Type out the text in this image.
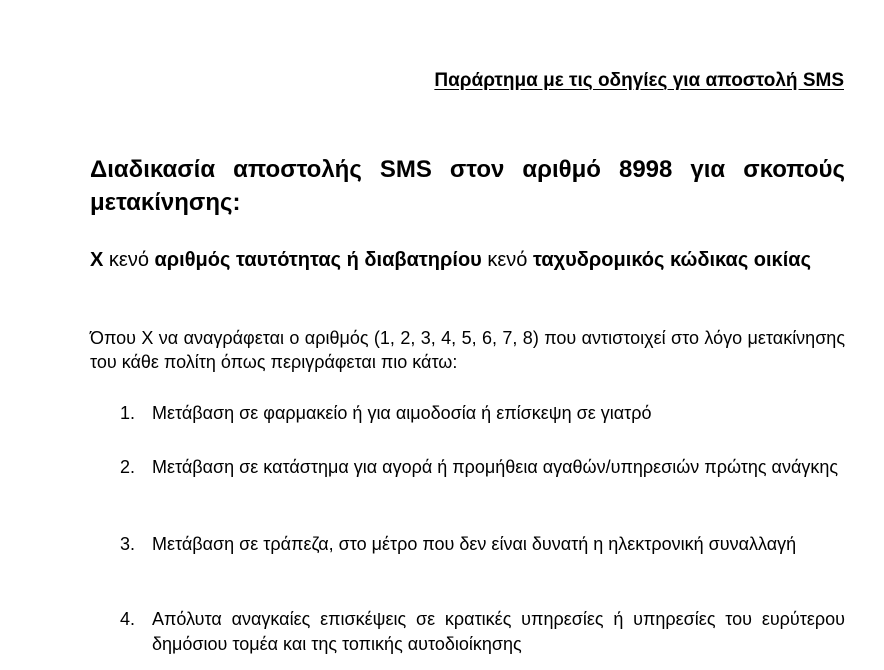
Παράρτημα με τις οδηγίες για αποστολή SMS
Διαδικασία αποστολής SMS στον αριθμό 8998 για σκοπούς μετακίνησης:
Χ κενό αριθμός ταυτότητας ή διαβατηρίου κενό ταχυδρομικός κώδικας οικίας
Όπου Χ να αναγράφεται ο αριθμός (1, 2, 3, 4, 5, 6, 7, 8) που αντιστοιχεί στο λόγο μετακίνησης του κάθε πολίτη όπως περιγράφεται πιο κάτω:
1. Μετάβαση σε φαρμακείο ή για αιμοδοσία ή επίσκεψη σε γιατρό
2. Μετάβαση σε κατάστημα για αγορά ή προμήθεια αγαθών/υπηρεσιών πρώτης ανάγκης
3. Μετάβαση σε τράπεζα, στο μέτρο που δεν είναι δυνατή η ηλεκτρονική συναλλαγή
4. Απόλυτα αναγκαίες επισκέψεις σε κρατικές υπηρεσίες ή υπηρεσίες του ευρύτερου δημόσιου τομέα και της τοπικής αυτοδιοίκησης
